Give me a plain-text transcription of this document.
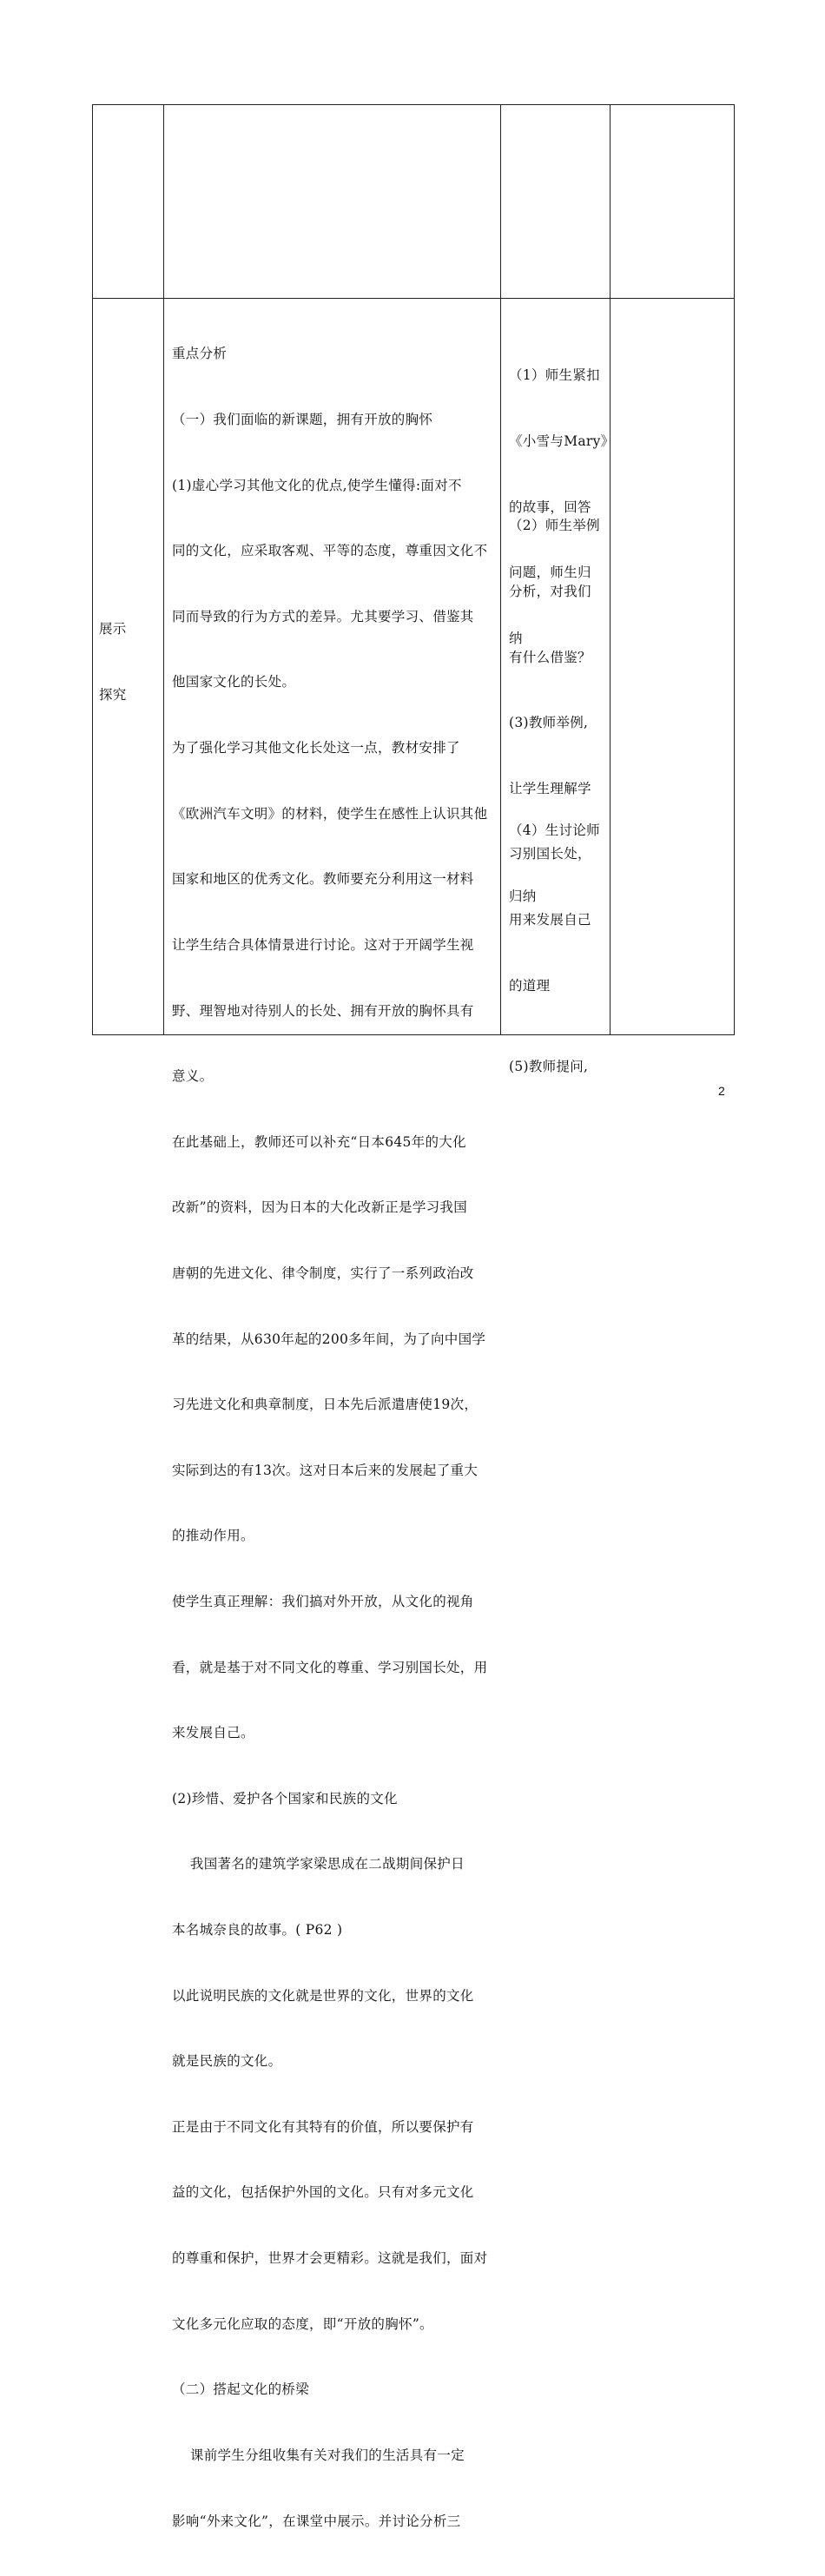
展示

探究

重点分析

（一）我们面临的新课题，拥有开放的胸怀

(1)虚心学习其他文化的优点,使学生懂得:面对不

同的文化，应采取客观、平等的态度，尊重因文化不

同而导致的行为方式的差异。尤其要学习、借鉴其

他国家文化的长处。

为了强化学习其他文化长处这一点，教材安排了

《欧洲汽车文明》的材料，使学生在感性上认识其他

国家和地区的优秀文化。教师要充分利用这一材料

让学生结合具体情景进行讨论。这对于开阔学生视

野、理智地对待别人的长处、拥有开放的胸怀具有

意义。

在此基础上，教师还可以补充“日本645年的大化

改新”的资料，因为日本的大化改新正是学习我国

唐朝的先进文化、律令制度，实行了一系列政治改

革的结果，从630年起的200多年间，为了向中国学

习先进文化和典章制度，日本先后派遣唐使19次，

实际到达的有13次。这对日本后来的发展起了重大

的推动作用。

使学生真正理解：我们搞对外开放，从文化的视角

看，就是基于对不同文化的尊重、学习别国长处，用

来发展自己。

(2)珍惜、爱护各个国家和民族的文化

我国著名的建筑学家梁思成在二战期间保护日

本名城奈良的故事。( P62 )

以此说明民族的文化就是世界的文化，世界的文化

就是民族的文化。

正是由于不同文化有其特有的价值，所以要保护有

益的文化，包括保护外国的文化。只有对多元文化

的尊重和保护，世界才会更精彩。这就是我们，面对

文化多元化应取的态度，即“开放的胸怀”。

（二）搭起文化的桥梁

课前学生分组收集有关对我们的生活具有一定

影响“外来文化”，在课堂中展示。并讨论分析三

（1）师生紧扣

《小雪与Mary》

的故事，回答

问题，师生归

纳

（2）师生举例

分析，对我们

有什么借鉴？

(3)教师举例,

让学生理解学

习别国长处，

用来发展自己

的道理

（4）生讨论师

归纳

(5)教师提问,

2
